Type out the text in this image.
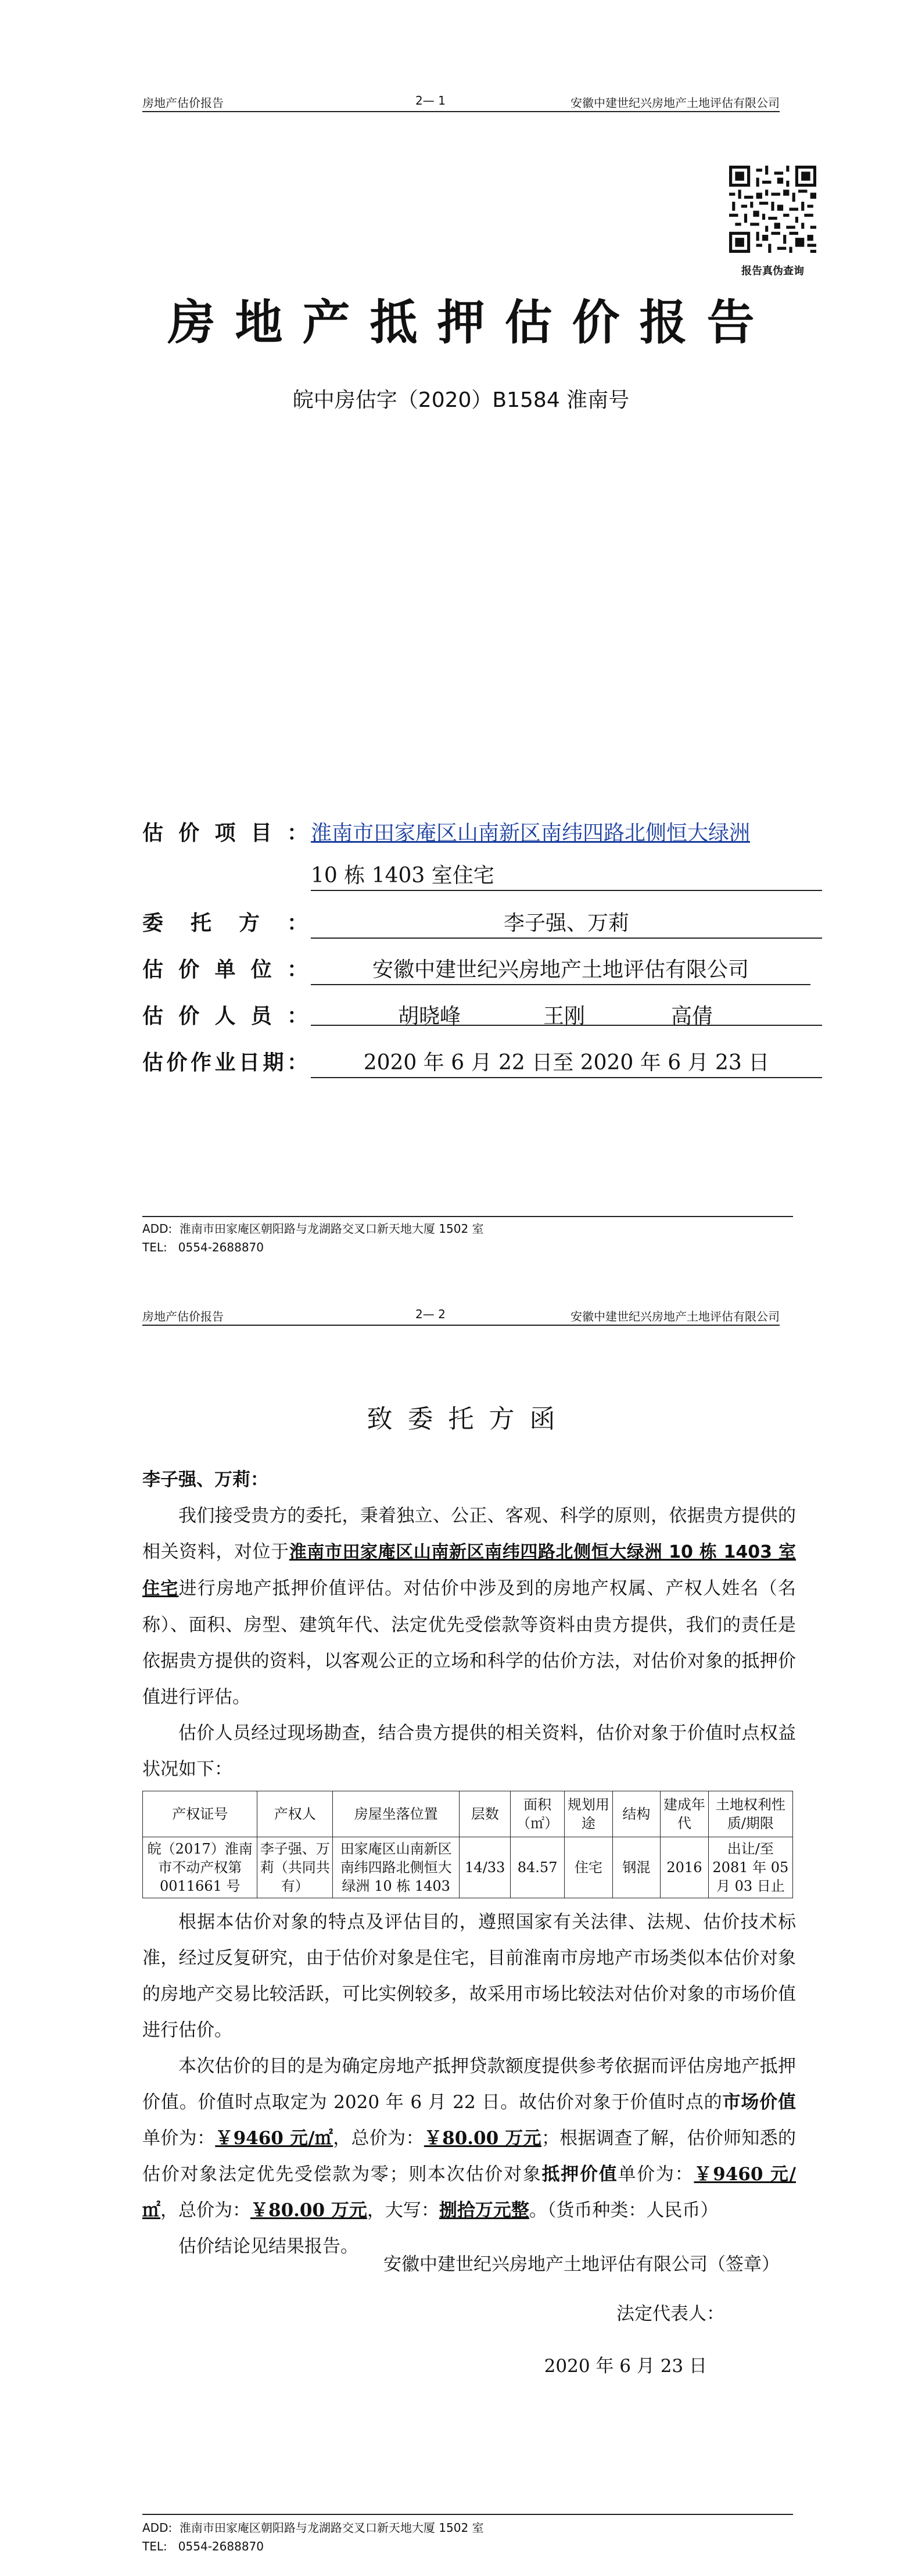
房地产估价报告	2— 1	安徽中建世纪兴房地产土地评估有限公司
报告真伪查询
房地产抵押估价报告
皖中房估字（2020）B1584 淮南号
估价项目： 淮南市田家庵区山南新区南纬四路北侧恒大绿洲
10 栋 1403 室住宅
委托方：	李子强、万莉
估价单位：	安徽中建世纪兴房地产土地评估有限公司
估价人员：	胡晓峰	王刚	高倩

估价作业日期：	2020 年 6 月 22 日至 2020 年 6 月 23 日
ADD:  淮南市田家庵区朝阳路与龙湖路交叉口新天地大厦 1502 室
TEL:   0554-2688870
房地产估价报告	2— 2	安徽中建世纪兴房地产土地评估有限公司
致委托方函

李子强、万莉：

我们接受贵方的委托，秉着独立、公正、客观、科学的原则，依据贵方提供的相关资料，对位于淮南市田家庵区山南新区南纬四路北侧恒大绿洲 10 栋 1403 室住宅进行房地产抵押价值评估。对估价中涉及到的房地产权属、产权人姓名（名称）、面积、房型、建筑年代、法定优先受偿款等资料由贵方提供，我们的责任是依据贵方提供的资料，以客观公正的立场和科学的估价方法，对估价对象的抵押价值进行评估。

估价人员经过现场勘查，结合贵方提供的相关资料，估价对象于价值时点权益状况如下：

产权证号	产权人	房屋坐落位置	层数	面积（㎡）	规划用途	结构	建成年代	土地权利性质/期限
皖（2017）淮南市不动产权第 0011661 号	李子强、万莉（共同共有）	田家庵区山南新区南纬四路北侧恒大绿洲 10 栋 1403	14/33	84.57	住宅	钢混	2016	出让/至 2081 年 05 月 03 日止

根据本估价对象的特点及评估目的，遵照国家有关法律、法规、估价技术标准，经过反复研究，由于估价对象是住宅，目前淮南市房地产市场类似本估价对象的房地产交易比较活跃，可比实例较多，故采用市场比较法对估价对象的市场价值进行估价。

本次估价的目的是为确定房地产抵押贷款额度提供参考依据而评估房地产抵押价值。价值时点取定为 2020 年 6 月 22 日。故估价对象于价值时点的市场价值单价为：￥9460 元/㎡，总价为：￥80.00 万元；根据调查了解，估价师知悉的估价对象法定优先受偿款为零；则本次估价对象抵押价值单价为：￥9460 元/㎡，总价为：￥80.00 万元，大写：捌拾万元整。（货币种类：人民币）

估价结论见结果报告。

安徽中建世纪兴房地产土地评估有限公司（签章）
法定代表人：
2020 年 6 月 23 日
ADD:  淮南市田家庵区朝阳路与龙湖路交叉口新天地大厦 1502 室
TEL:   0554-2688870
